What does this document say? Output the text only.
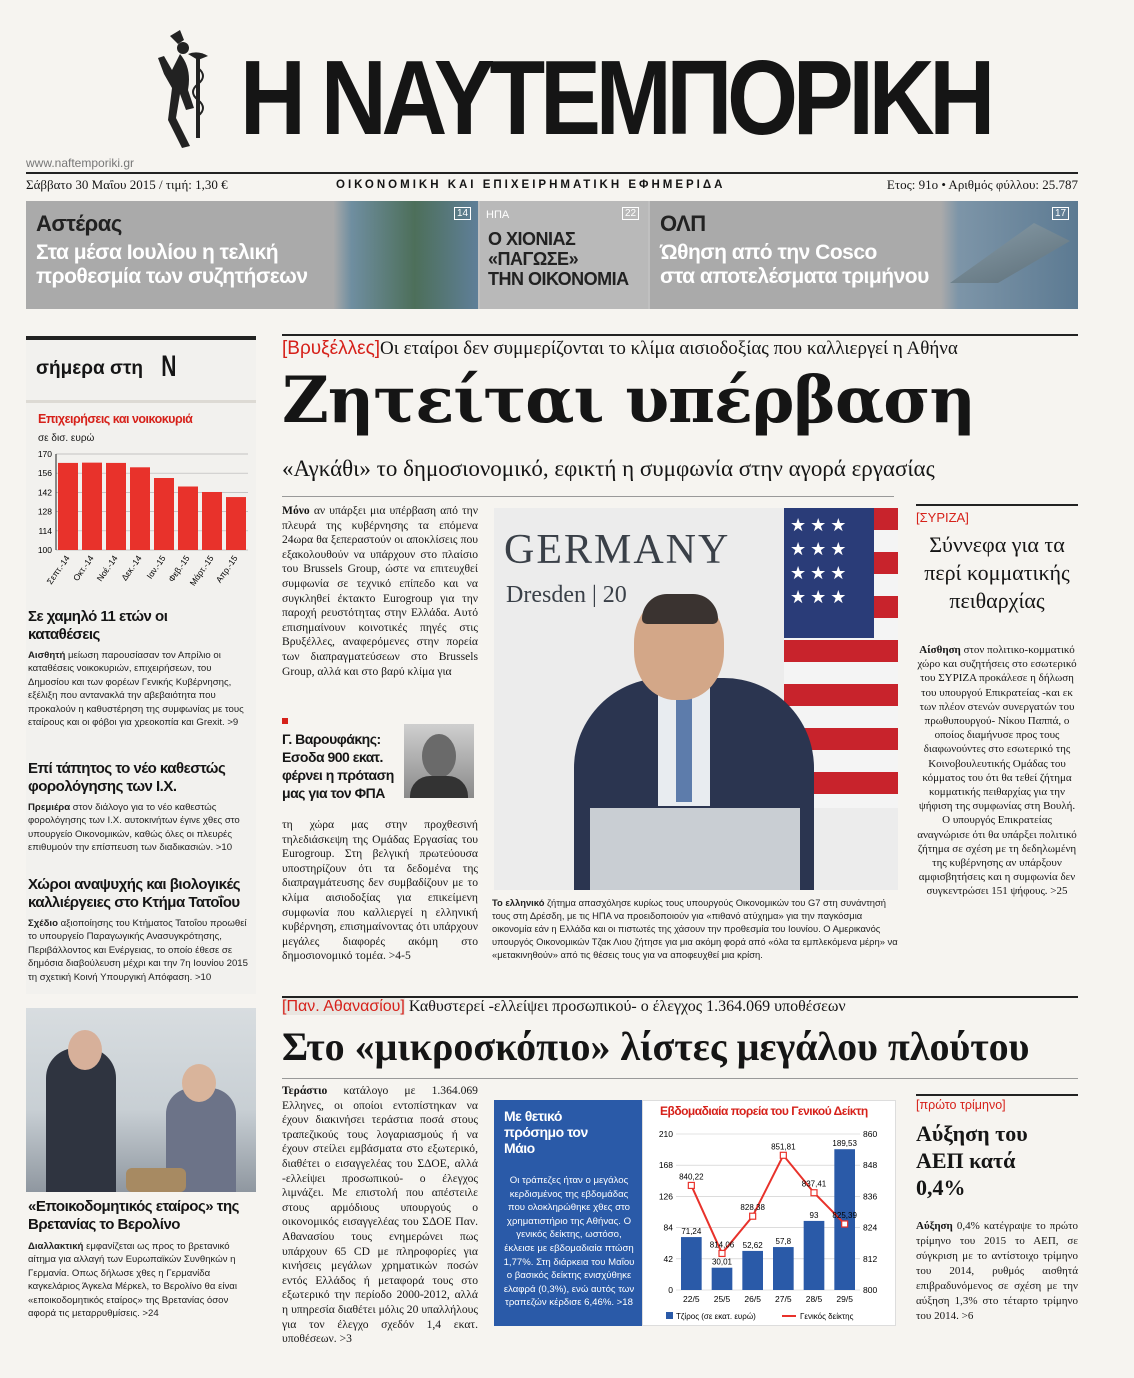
Η ΝΑΥΤΕΜΠΟΡΙΚΗ
www.naftemporiki.gr
Σάββατο 30 Μαΐου 2015 / τιμή: 1,30 €	ΟΙΚΟΝΟΜΙΚΗ ΚΑΙ ΕΠΙΧΕΙΡΗΜΑΤΙΚΗ ΕΦΗΜΕΡΙΔΑ	Ετος: 91ο • Αριθμός φύλλου: 25.787
Αστέρας
Στα μέσα Ιουλίου η τελική
προθεσμία των συζητήσεων
14 ΗΠΑ
Ο ΧΙΟΝΙΑΣ
«ΠΑΓΩΣΕ»
ΤΗΝ ΟΙΚΟΝΟΜΙΑ
22 ΟΛΠ
Ώθηση από την Cosco
στα αποτελέσματα τριμήνου
17
σήμερα στη N
Επιχειρήσεις και νοικοκυριά
σε δισ. ευρώ
100
114
128
142
156
170
Σεπτ.-14 Οκτ.-14
Νοέ.-14 Δεκ.-14 Ιαν.-15
Φεβ.-15
Μάρτ.-15
Απρ.-15
Σε χαμηλό 11 ετών οι καταθέσεις

Αισθητή μείωση παρουσίασαν τον Απρίλιο οι καταθέσεις νοικοκυριών, επιχειρήσεων, του Δημοσίου και των φορέων Γενικής Κυβέρνησης, εξέλιξη που αντανακλά την αβεβαιότητα που προκαλούν η καθυστέρηση της συμφωνίας με τους εταίρους και οι φόβοι για χρεοκοπία και Grexit. >9

Επί τάπητος το νέο καθεστώς φορολόγησης των Ι.Χ.

Πρεμιέρα στον διάλογο για το νέο καθεστώς φορολόγησης των Ι.Χ. αυτοκινήτων έγινε χθες στο υπουργείο Οικονομικών, καθώς όλες οι πλευρές επιθυμούν την επίσπευση των διαδικασιών. >10

Χώροι αναψυχής και βιολογικές καλλιέργειες στο Κτήμα Τατοΐου

Σχέδιο αξιοποίησης του Κτήματος Τατοΐου προωθεί το υπουργείο Παραγωγικής Ανασυγκρότησης, Περιβάλλοντος και Ενέργειας, το οποίο έθεσε σε δημόσια διαβούλευση μέχρι και την 7η Ιουνίου 2015 τη σχετική Κοινή Υπουργική Απόφαση. >10

«Εποικοδομητικός εταίρος» της Βρετανίας το Βερολίνο

Διαλλακτική εμφανίζεται ως προς το βρετανικό αίτημα για αλλαγή των Ευρωπαϊκών Συνθηκών η Γερμανία. Οπως δήλωσε χθες η Γερμανίδα καγκελάριος Άγκελα Μέρκελ, το Βερολίνο θα είναι «εποικοδομητικός εταίρος» της Βρετανίας όσον αφορά τις μεταρρυθμίσεις. >24

[Βρυξέλλες]Οι εταίροι δεν συμμερίζονται το κλίμα αισιοδοξίας που καλλιεργεί η Αθήνα
Ζητείται υπέρβαση
«Αγκάθι» το δημοσιονομικό, εφικτή η συμφωνία στην αγορά εργασίας

Μόνο αν υπάρξει μια υπέρβαση από την πλευρά της κυβέρνησης τα επόμενα 24ωρα θα ξεπεραστούν οι αποκλίσεις που εξακολουθούν να υπάρχουν στο πλαίσιο του Brussels Group, ώστε να επιτευχθεί συμφωνία σε τεχνικό επίπεδο και να συγκληθεί έκτακτο Eurogroup για την παροχή ρευστότητας στην Ελλάδα. Αυτό επισημαίνουν κοινοτικές πηγές στις Βρυξέλλες, αναφερόμενες στην πορεία των διαπραγματεύσεων στο Brussels Group, αλλά και στο βαρύ κλίμα για

Γ. Βαρουφάκης: Εσοδα 900 εκατ. φέρνει η πρόταση μας για τον ΦΠΑ

τη χώρα μας στην προχθεσινή τηλεδιάσκεψη της Ομάδας Εργασίας του Eurogroup. Στη βελγική πρωτεύουσα υποστηρίζουν ότι τα δεδομένα της διαπραγμάτευσης δεν συμβαδίζουν με το κλίμα αισιοδοξίας για επικείμενη συμφωνία που καλλιεργεί η ελληνική κυβέρνηση, επισημαίνοντας ότι υπάρχουν μεγάλες διαφορές ακόμη στο δημοσιονομικό τομέα. >4-5

GERMANY
Dresden | 20
★★★ ★★★ ★★★ ★★★

Το ελληνικό ζήτημα απασχόλησε κυρίως τους υπουργούς Οικονομικών του G7 στη συνάντησή τους στη Δρέσδη, με τις ΗΠΑ να προειδοποιούν για «πιθανό ατύχημα» για την παγκόσμια οικονομία εάν η Ελλάδα και οι πιστωτές της χάσουν την προθεσμία του Ιουνίου. Ο Αμερικανός υπουργός Οικονομικών Τζακ Λιου ζήτησε για μια ακόμη φορά από «όλα τα εμπλεκόμενα μέρη» να «μετακινηθούν» από τις θέσεις τους για να αποφευχθεί μια κρίση.

[ΣΥΡΙΖΑ]
Σύννεφα για τα περί κομματικής πειθαρχίας

Αίσθηση στον πολιτικο-κομματικό χώρο και συζητήσεις στο εσωτερικό του ΣΥΡΙΖΑ προκάλεσε η δήλωση του υπουργού Επικρατείας -και εκ των πλέον στενών συνεργατών του πρωθυπουργού- Νίκου Παππά, ο οποίος διαμήνυσε προς τους διαφωνούντες στο εσωτερικό της Κοινοβουλευτικής Ομάδας του κόμματος του ότι θα τεθεί ζήτημα κομματικής πειθαρχίας για την ψήφιση της συμφωνίας στη Βουλή. Ο υπουργός Επικρατείας αναγνώρισε ότι θα υπάρξει πολιτικό ζήτημα σε σχέση με τη δεδηλωμένη της κυβέρνησης αν υπάρξουν αμφισβητήσεις και η συμφωνία δεν συγκεντρώσει 151 ψήφους. >25

[Παν. Αθανασίου] Καθυστερεί -ελλείψει προσωπικού- ο έλεγχος 1.364.069 υποθέσεων
Στο «μικροσκόπιο» λίστες μεγάλου πλούτου

Τεράστιο κατάλογο με 1.364.069 Ελληνες, οι οποίοι εντοπίστηκαν να έχουν διακινήσει τεράστια ποσά στους τραπεζικούς τους λογαριασμούς ή να έχουν στείλει εμβάσματα στο εξωτερικό, διαθέτει ο εισαγγελέας του ΣΔΟΕ, αλλά -ελλείψει προσωπικού- ο έλεγχος λιμνάζει. Με επιστολή που απέστειλε στους αρμόδιους υπουργούς ο οικονομικός εισαγγελέας του ΣΔΟΕ Παν. Αθανασίου τους ενημερώνει πως υπάρχουν 65 CD με πληροφορίες για κινήσεις μεγάλων χρηματικών ποσών εντός Ελλάδος ή μεταφορά τους στο εξωτερικό την περίοδο 2000-2012, αλλά η υπηρεσία διαθέτει μόλις 20 υπαλλήλους για τον έλεγχο σχεδόν 1,4 εκατ. υποθέσεων. >3

Με θετικό πρόσημο τον Μάιο

Οι τράπεζες ήταν ο μεγάλος κερδισμένος της εβδομάδας που ολοκληρώθηκε χθες στο χρηματιστήριο της Αθήνας. Ο γενικός δείκτης, ωστόσο, έκλεισε με εβδομαδιαία πτώση 1,77%. Στη διάρκεια του Μαΐου ο βασικός δείκτης ενισχύθηκε ελαφρά (0,3%), ενώ αυτός των τραπεζών κέρδισε 6,46%. >18

Εβδομαδιαία πορεία του Γενικού Δείκτη
0	800
42	812
84	824
126	836
168	848
210	860
71,24
22/5
30,01
25/5
52,62
26/5
57,8
27/5
93
28/5
189,53
29/5
840,22
814,06
828,38
851,81
837,41
825,39
Τζίρος (σε εκατ. ευρώ)	Γενικός δείκτης
[πρώτο τρίμηνο]
Αύξηση του ΑΕΠ κατά 0,4%

Αύξηση 0,4% κατέγραψε το πρώτο τρίμηνο του 2015 το ΑΕΠ, σε σύγκριση με το αντίστοιχο τρίμηνο του 2014, ρυθμός αισθητά επιβραδυνόμενος σε σχέση με την αύξηση 1,3% στο τέταρτο τρίμηνο του 2014. >6
